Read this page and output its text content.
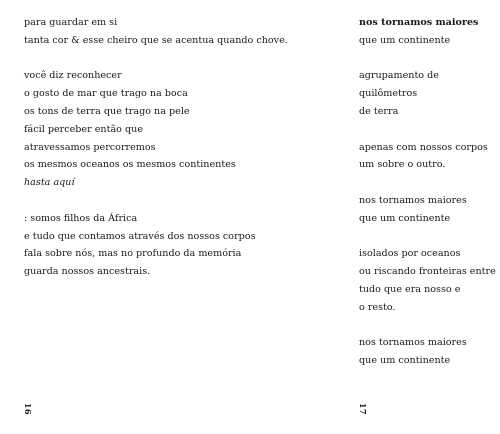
para guardar em si
tanta cor & esse cheiro que se acentua quando chove.
você diz reconhecer
o gosto de mar que trago na boca
os tons de terra que trago na pele
fácil perceber então que
atravessamos percorremos
os mesmos oceanos os mesmos continentes
hasta aquí
: somos filhos da África
e tudo que contamos através dos nossos corpos
fala sobre nós, mas no profundo da memória
guarda nossos ancestrais.
16
nos tornamos maiores
que um continente
agrupamento de
quilômetros
de terra
apenas com nossos corpos
um sobre o outro.
nos tornamos maiores
que um continente
isolados por oceanos
ou riscando fronteiras entre
tudo que era nosso e
o resto.
nos tornamos maiores
que um continente
17
